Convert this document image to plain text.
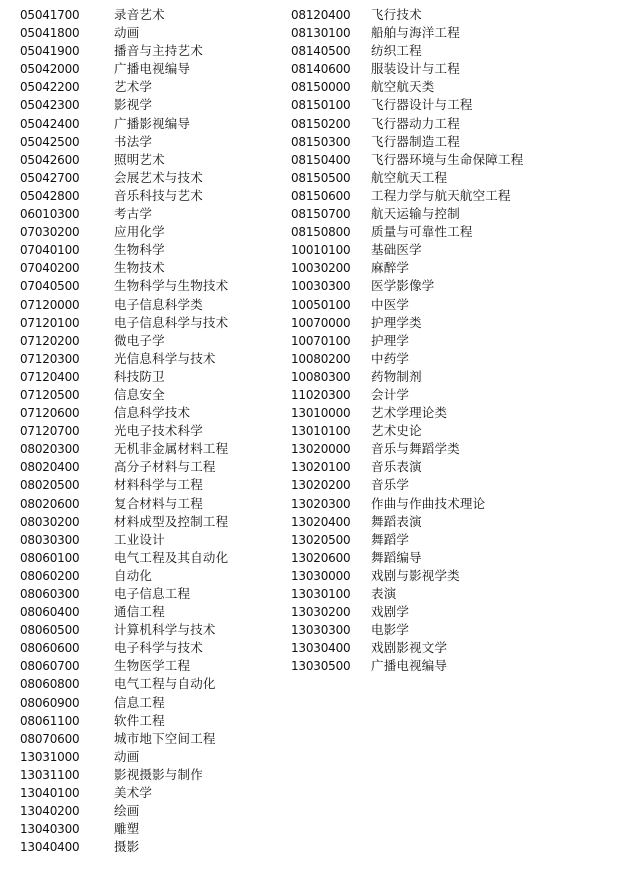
05041700	录音艺术
05041800	动画
05041900	播音与主持艺术
05042000	广播电视编导
05042200	艺术学
05042300	影视学
05042400	广播影视编导
05042500	书法学
05042600	照明艺术
05042700	会展艺术与技术
05042800	音乐科技与艺术
06010300	考古学
07030200	应用化学
07040100	生物科学
07040200	生物技术
07040500	生物科学与生物技术
07120000	电子信息科学类
07120100	电子信息科学与技术
07120200	微电子学
07120300	光信息科学与技术
07120400	科技防卫
07120500	信息安全
07120600	信息科学技术
07120700	光电子技术科学
08020300	无机非金属材料工程
08020400	高分子材料与工程
08020500	材料科学与工程
08020600	复合材料与工程
08030200	材料成型及控制工程
08030300	工业设计
08060100	电气工程及其自动化
08060200	自动化
08060300	电子信息工程
08060400	通信工程
08060500	计算机科学与技术
08060600	电子科学与技术
08060700	生物医学工程
08060800	电气工程与自动化
08060900	信息工程
08061100	软件工程
08070600	城市地下空间工程
13031000	动画
13031100	影视摄影与制作
13040100	美术学
13040200	绘画
13040300	雕塑
13040400	摄影
08120400	飞行技术
08130100	船舶与海洋工程
08140500	纺织工程
08140600	服装设计与工程
08150000	航空航天类
08150100	飞行器设计与工程
08150200	飞行器动力工程
08150300	飞行器制造工程
08150400	飞行器环境与生命保障工程
08150500	航空航天工程
08150600	工程力学与航天航空工程
08150700	航天运输与控制
08150800	质量与可靠性工程
10010100	基础医学
10030200	麻醉学
10030300	医学影像学
10050100	中医学
10070000	护理学类
10070100	护理学
10080200	中药学
10080300	药物制剂
11020300	会计学
13010000	艺术学理论类
13010100	艺术史论
13020000	音乐与舞蹈学类
13020100	音乐表演
13020200	音乐学
13020300	作曲与作曲技术理论
13020400	舞蹈表演
13020500	舞蹈学
13020600	舞蹈编导
13030000	戏剧与影视学类
13030100	表演
13030200	戏剧学
13030300	电影学
13030400	戏剧影视文学
13030500	广播电视编导
